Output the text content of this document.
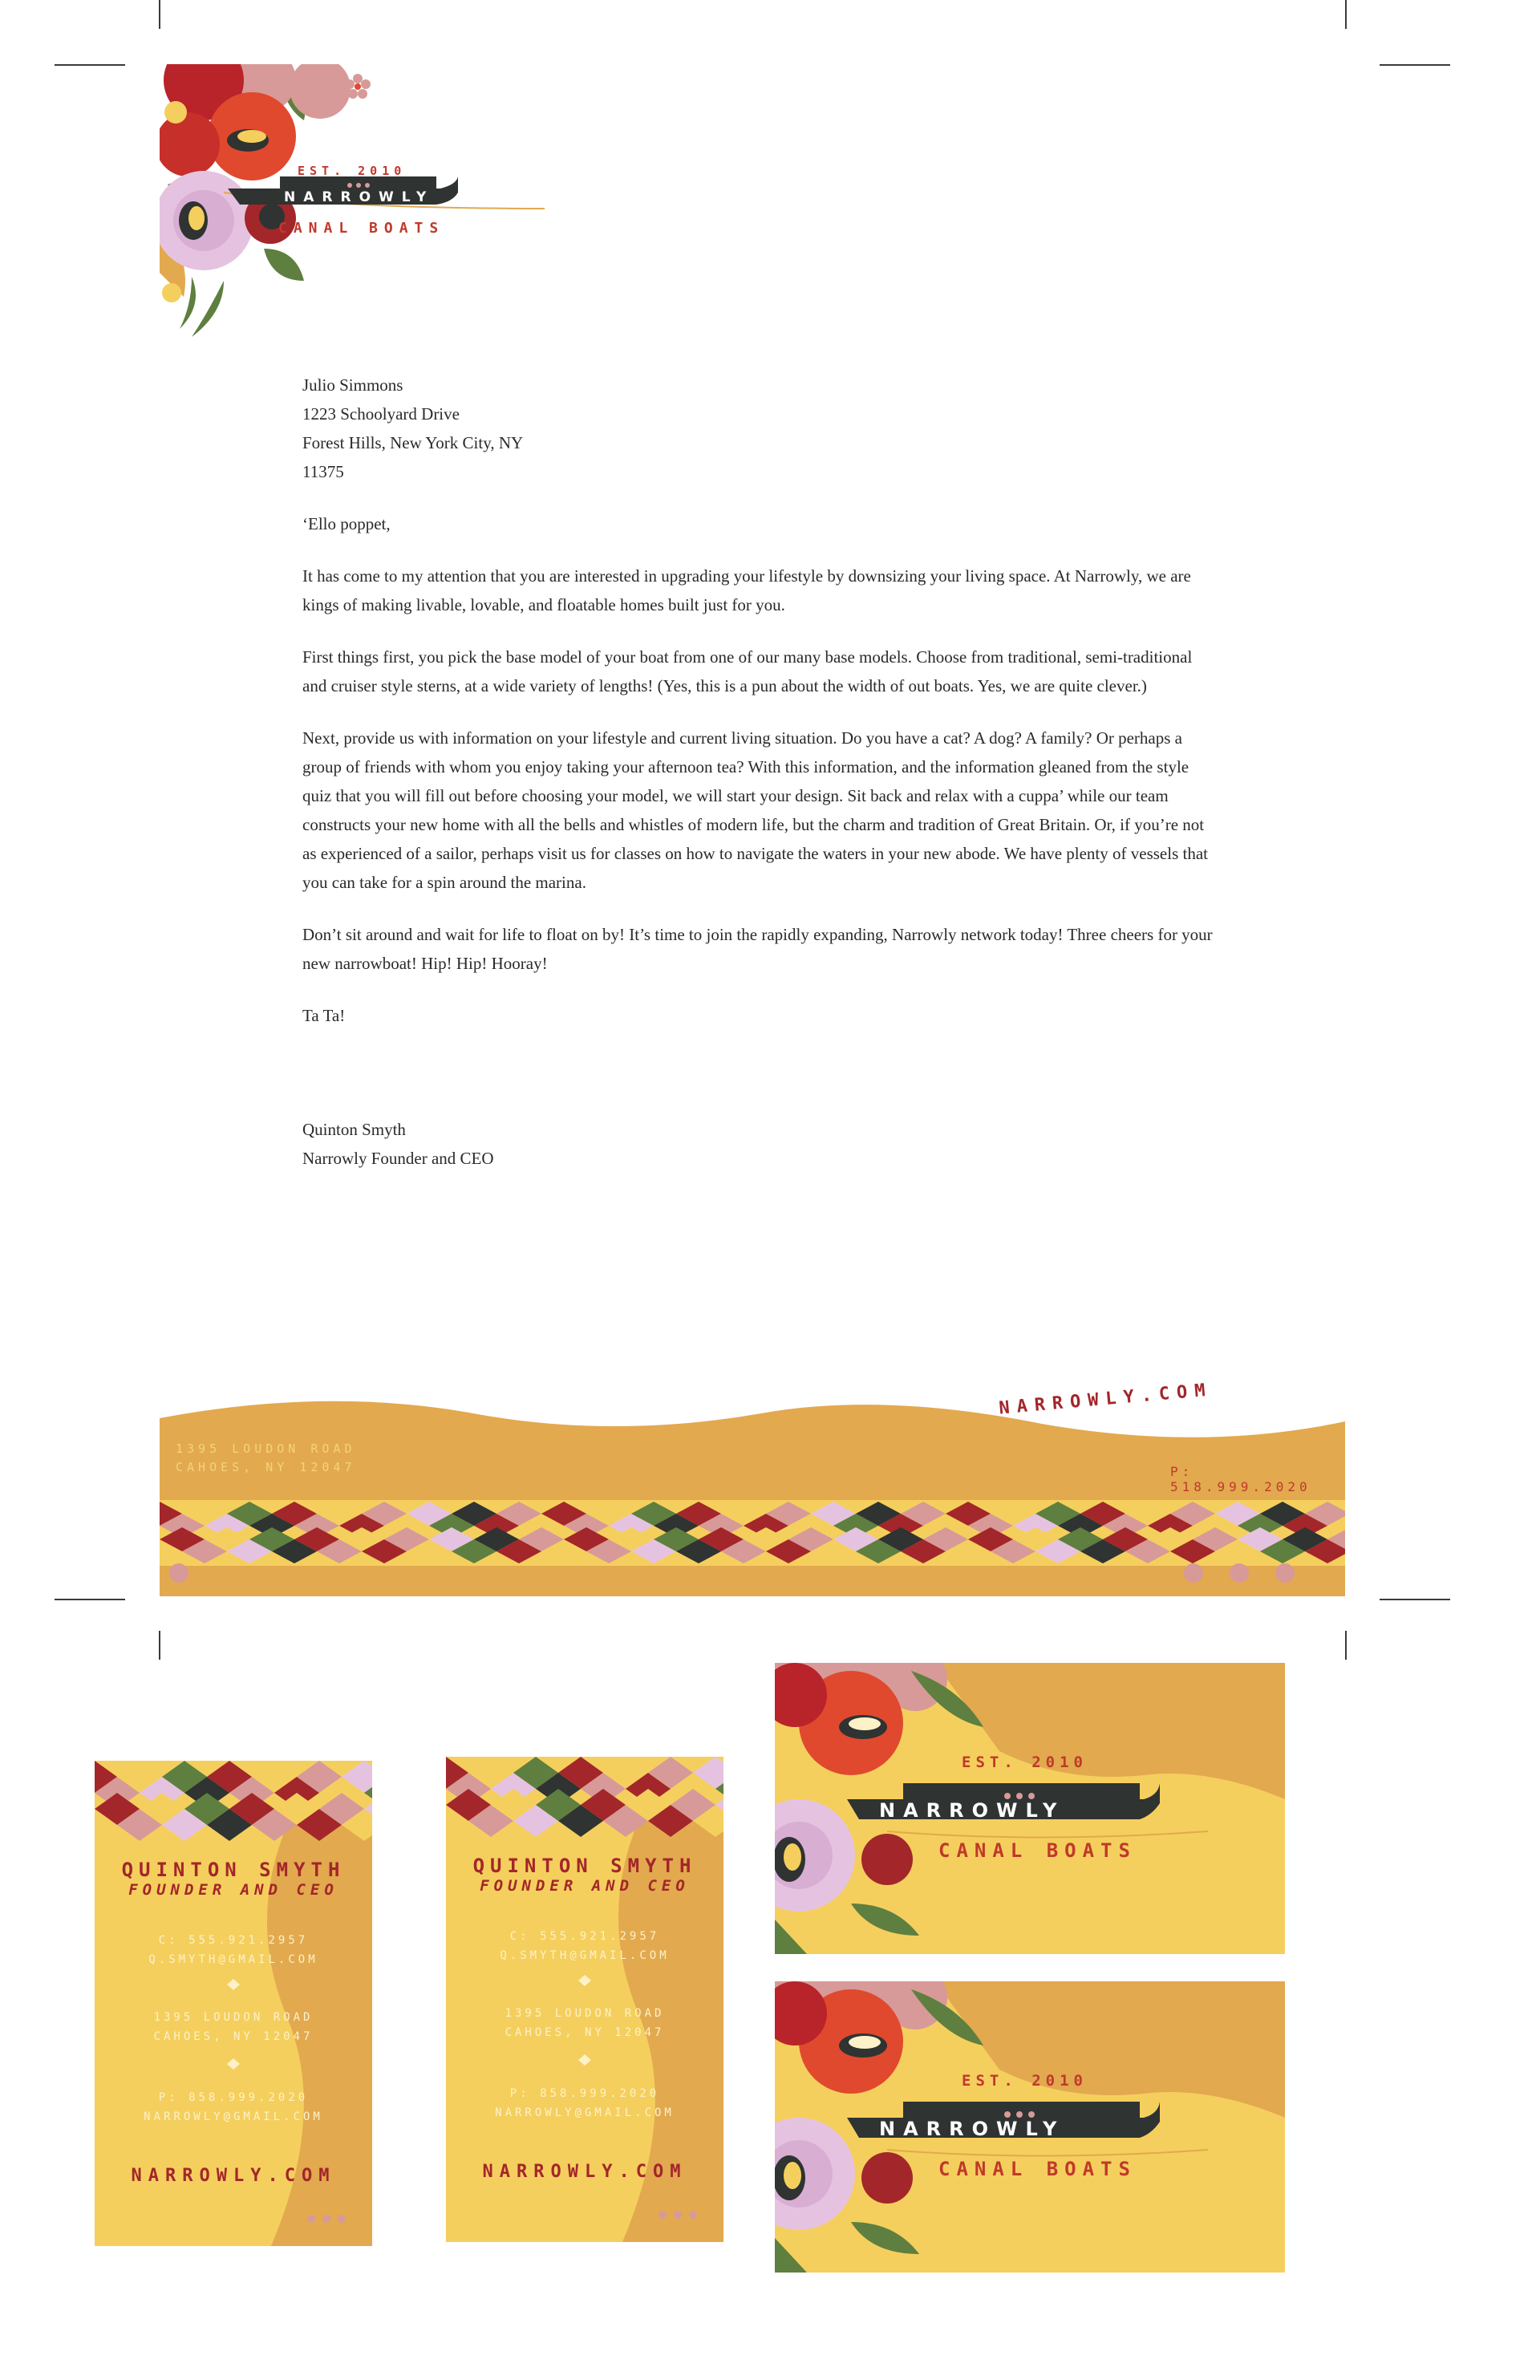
EST. 2010
NARROWLY
CANAL BOATS

Julio Simmons

1223 Schoolyard Drive

Forest Hills, New York City, NY

11375

‘Ello poppet,

It has come to my attention that you are interested in upgrading your lifestyle by downsizing your living space. At Narrowly, we are kings of making livable, lovable, and floatable homes built just for you.

First things first, you pick the base model of your boat from one of our many base models. Choose from traditional, semi-traditional and cruiser style sterns, at a wide variety of lengths! (Yes, this is a pun about the width of out boats. Yes, we are quite clever.)

Next, provide us with information on your lifestyle and current living situation. Do you have a cat? A dog? A family? Or perhaps a group of friends with whom you enjoy taking your afternoon tea? With this information, and the information gleaned from the style quiz that you will fill out before choosing your model, we will start your design. Sit back and relax with a cuppa’ while our team constructs your new home with all the bells and whistles of modern life, but the charm and tradition of Great Britain. Or, if you’re not as experienced of a sailor, perhaps visit us for classes on how to navigate the waters in your new abode. We have plenty of vessels that you can take for a spin around the marina.

Don’t sit around and wait for life to float on by! It’s time to join the rapidly expanding, Narrowly network today! Three cheers for your new narrowboat! Hip! Hip! Hooray!

Ta Ta!

Quinton Smyth

Narrowly Founder and CEO

1395 LOUDON ROAD
CAHOES, NY 12047
NARROWLY.COM
P: 518.999.2020
QUINTON SMYTH
FOUNDER AND CEO
C: 555.921.2957
Q.SMYTH@GMAIL.COM
1395 LOUDON ROAD
CAHOES, NY 12047
P: 858.999.2020
NARROWLY@GMAIL.COM
NARROWLY.COM
QUINTON SMYTH
FOUNDER AND CEO
C: 555.921.2957
Q.SMYTH@GMAIL.COM
1395 LOUDON ROAD
CAHOES, NY 12047
P: 858.999.2020
NARROWLY@GMAIL.COM
NARROWLY.COM
EST. 2010
NARROWLY
CANAL BOATS
EST. 2010
NARROWLY
CANAL BOATS
